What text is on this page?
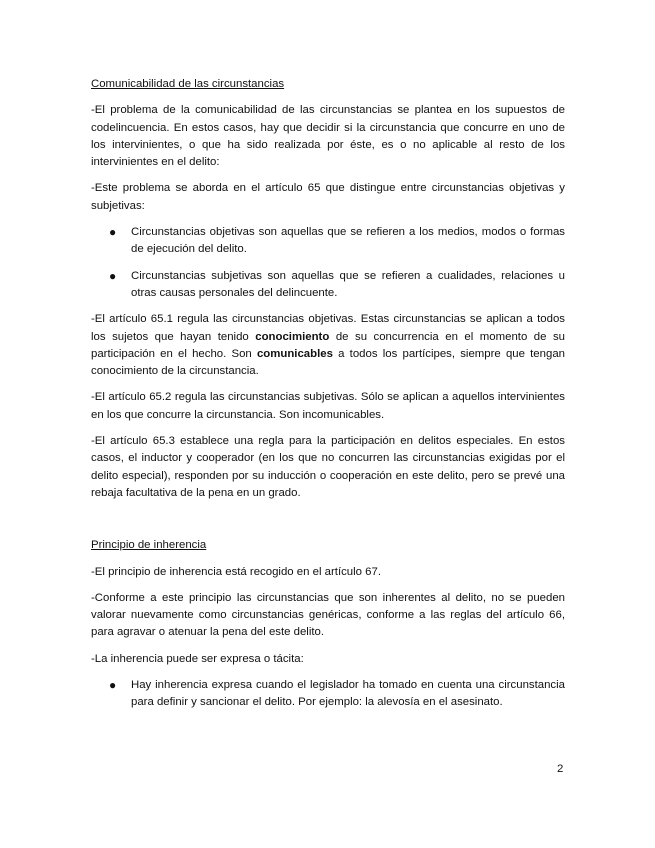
Comunicabilidad de las circunstancias
-El problema de la comunicabilidad de las circunstancias se plantea en los supuestos de codelincuencia. En estos casos, hay que decidir si la circunstancia que concurre en uno de los intervinientes, o que ha sido realizada por éste, es o no aplicable al resto de los intervinientes en el delito:
-Este problema se aborda en el artículo 65 que distingue entre circunstancias objetivas y subjetivas:
● Circunstancias objetivas son aquellas que se refieren a los medios, modos o formas de ejecución del delito.
● Circunstancias subjetivas son aquellas que se refieren a cualidades, relaciones u otras causas personales del delincuente.
-El artículo 65.1 regula las circunstancias objetivas. Estas circunstancias se aplican a todos los sujetos que hayan tenido conocimiento de su concurrencia en el momento de su participación en el hecho. Son comunicables a todos los partícipes, siempre que tengan conocimiento de la circunstancia.
-El artículo 65.2 regula las circunstancias subjetivas. Sólo se aplican a aquellos intervinientes en los que concurre la circunstancia. Son incomunicables.
-El artículo 65.3 establece una regla para la participación en delitos especiales. En estos casos, el inductor y cooperador (en los que no concurren las circunstancias exigidas por el delito especial), responden por su inducción o cooperación en este delito, pero se prevé una rebaja facultativa de la pena en un grado.
Principio de inherencia
-El principio de inherencia está recogido en el artículo 67.
-Conforme a este principio las circunstancias que son inherentes al delito, no se pueden valorar nuevamente como circunstancias genéricas, conforme a las reglas del artículo 66, para agravar o atenuar la pena del este delito.
-La inherencia puede ser expresa o tácita:
● Hay inherencia expresa cuando el legislador ha tomado en cuenta una circunstancia para definir y sancionar el delito. Por ejemplo: la alevosía en el asesinato.
2
